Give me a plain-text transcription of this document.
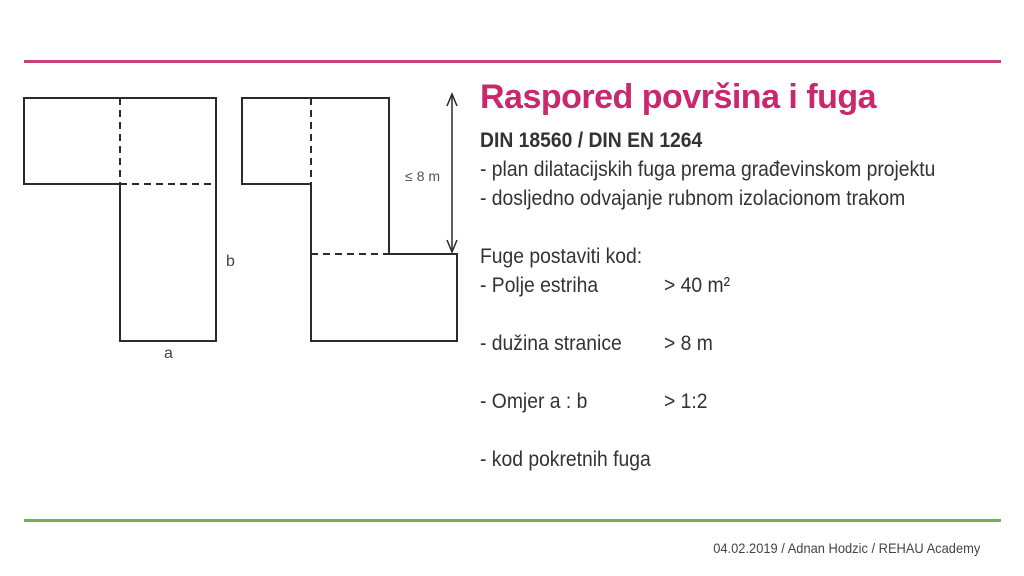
b
a
≤ 8 m
Raspored površina i fuga
DIN 18560 / DIN EN 1264
- plan dilatacijskih fuga prema građevinskom projektu
- dosljedno odvajanje rubnom izolacionom trakom
Fuge postaviti kod:
- Polje estriha	> 40 m²
- dužina stranice	> 8 m
- Omjer a : b	> 1:2
- kod pokretnih fuga
04.02.2019 / Adnan Hodzic / REHAU Academy
